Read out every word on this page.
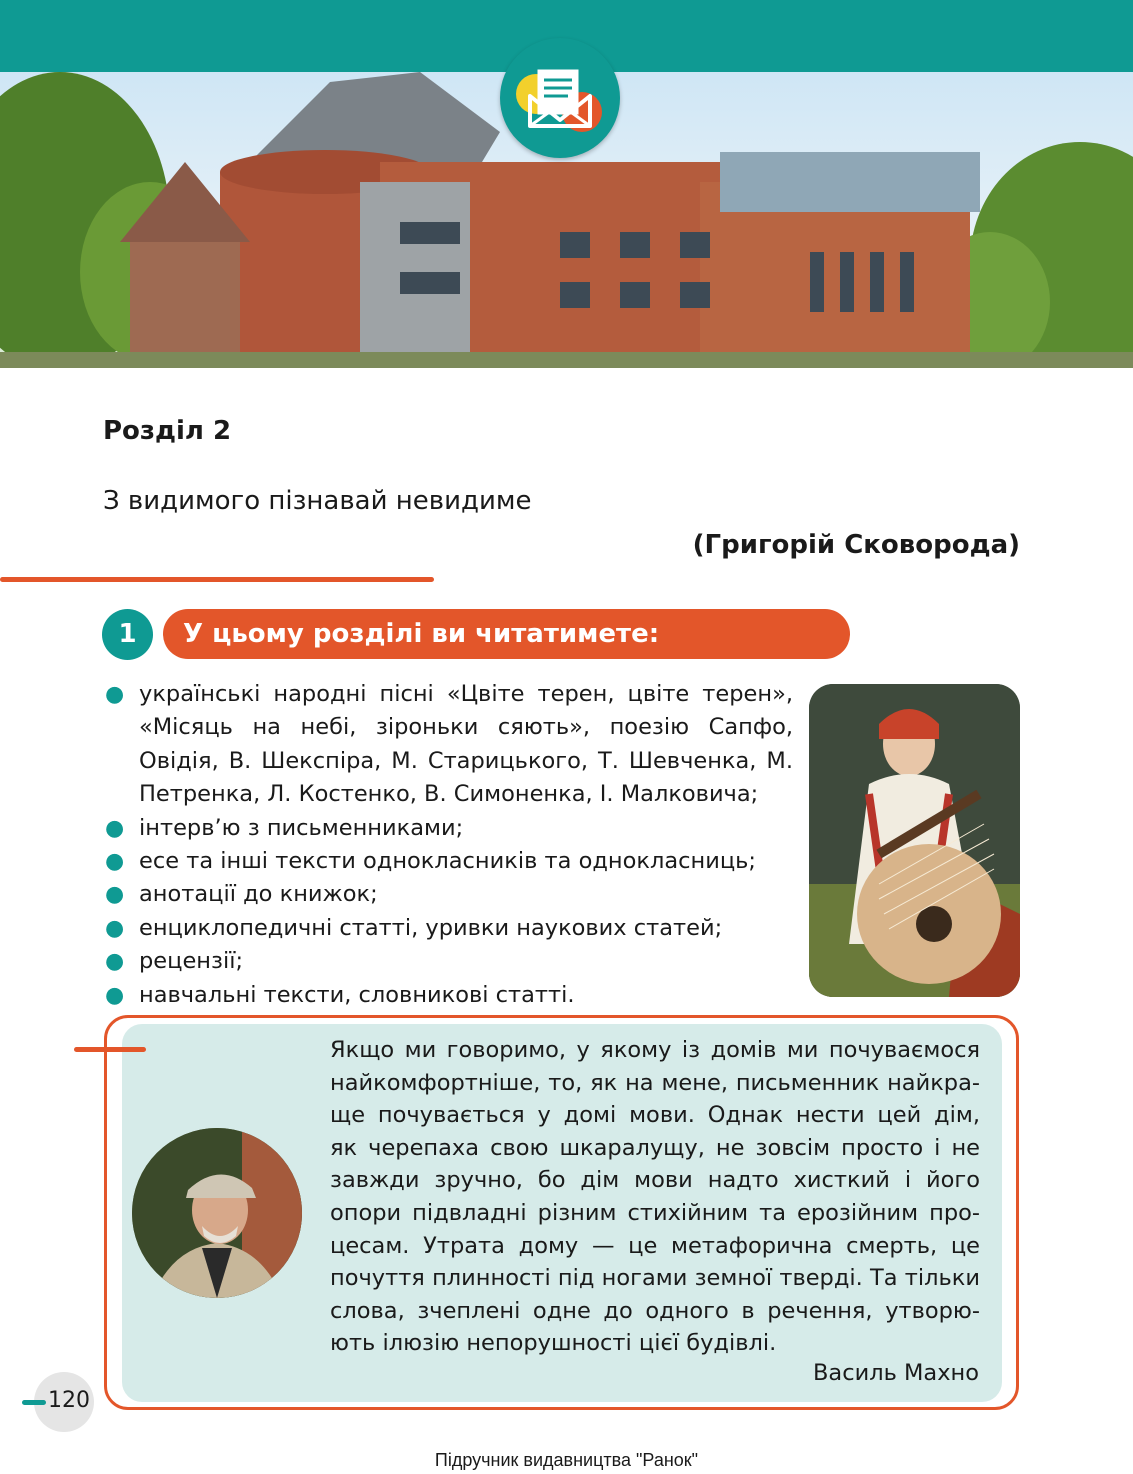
Розділ 2
З видимого пізнавай невидиме
(Григорій Сковорода)
1	У цьому розділі ви читатимете:
● українські народні пісні «Цвіте терен, цвіте терен», «Місяць на небі, зіроньки сяють», поезію Сапфо, Овідія, В. Шекспіра, М. Старицького, Т. Шевченка, М. Петренка, Л. Костенко, В. Симоненка, І. Малковича;
● інтерв’ю з письменниками;
● есе та інші тексти однокласників та однокласниць;
● анотації до книжок;
● енциклопедичні статті, уривки наукових статей;
● рецензії;
● навчальні тексти, словникові статті.
Якщо ми говоримо, у якому із домів ми почуваємося
найкомфортніше, то, як на мене, письменник найкра-
ще почувається у домі мови. Однак нести цей дім,
як черепаха свою шкаралущу, не зовсім просто і не
завжди зручно, бо дім мови надто хисткий і його
опори підвладні різним стихійним та ерозійним про-
цесам. Утрата дому — це метафорична смерть, це
почуття плинності під ногами земної тверді. Та тільки
слова, зчеплені одне до одного в речення, утворю-
ють ілюзію непорушності цієї будівлі.
Василь Махно
120
Підручник видавництва "Ранок"
